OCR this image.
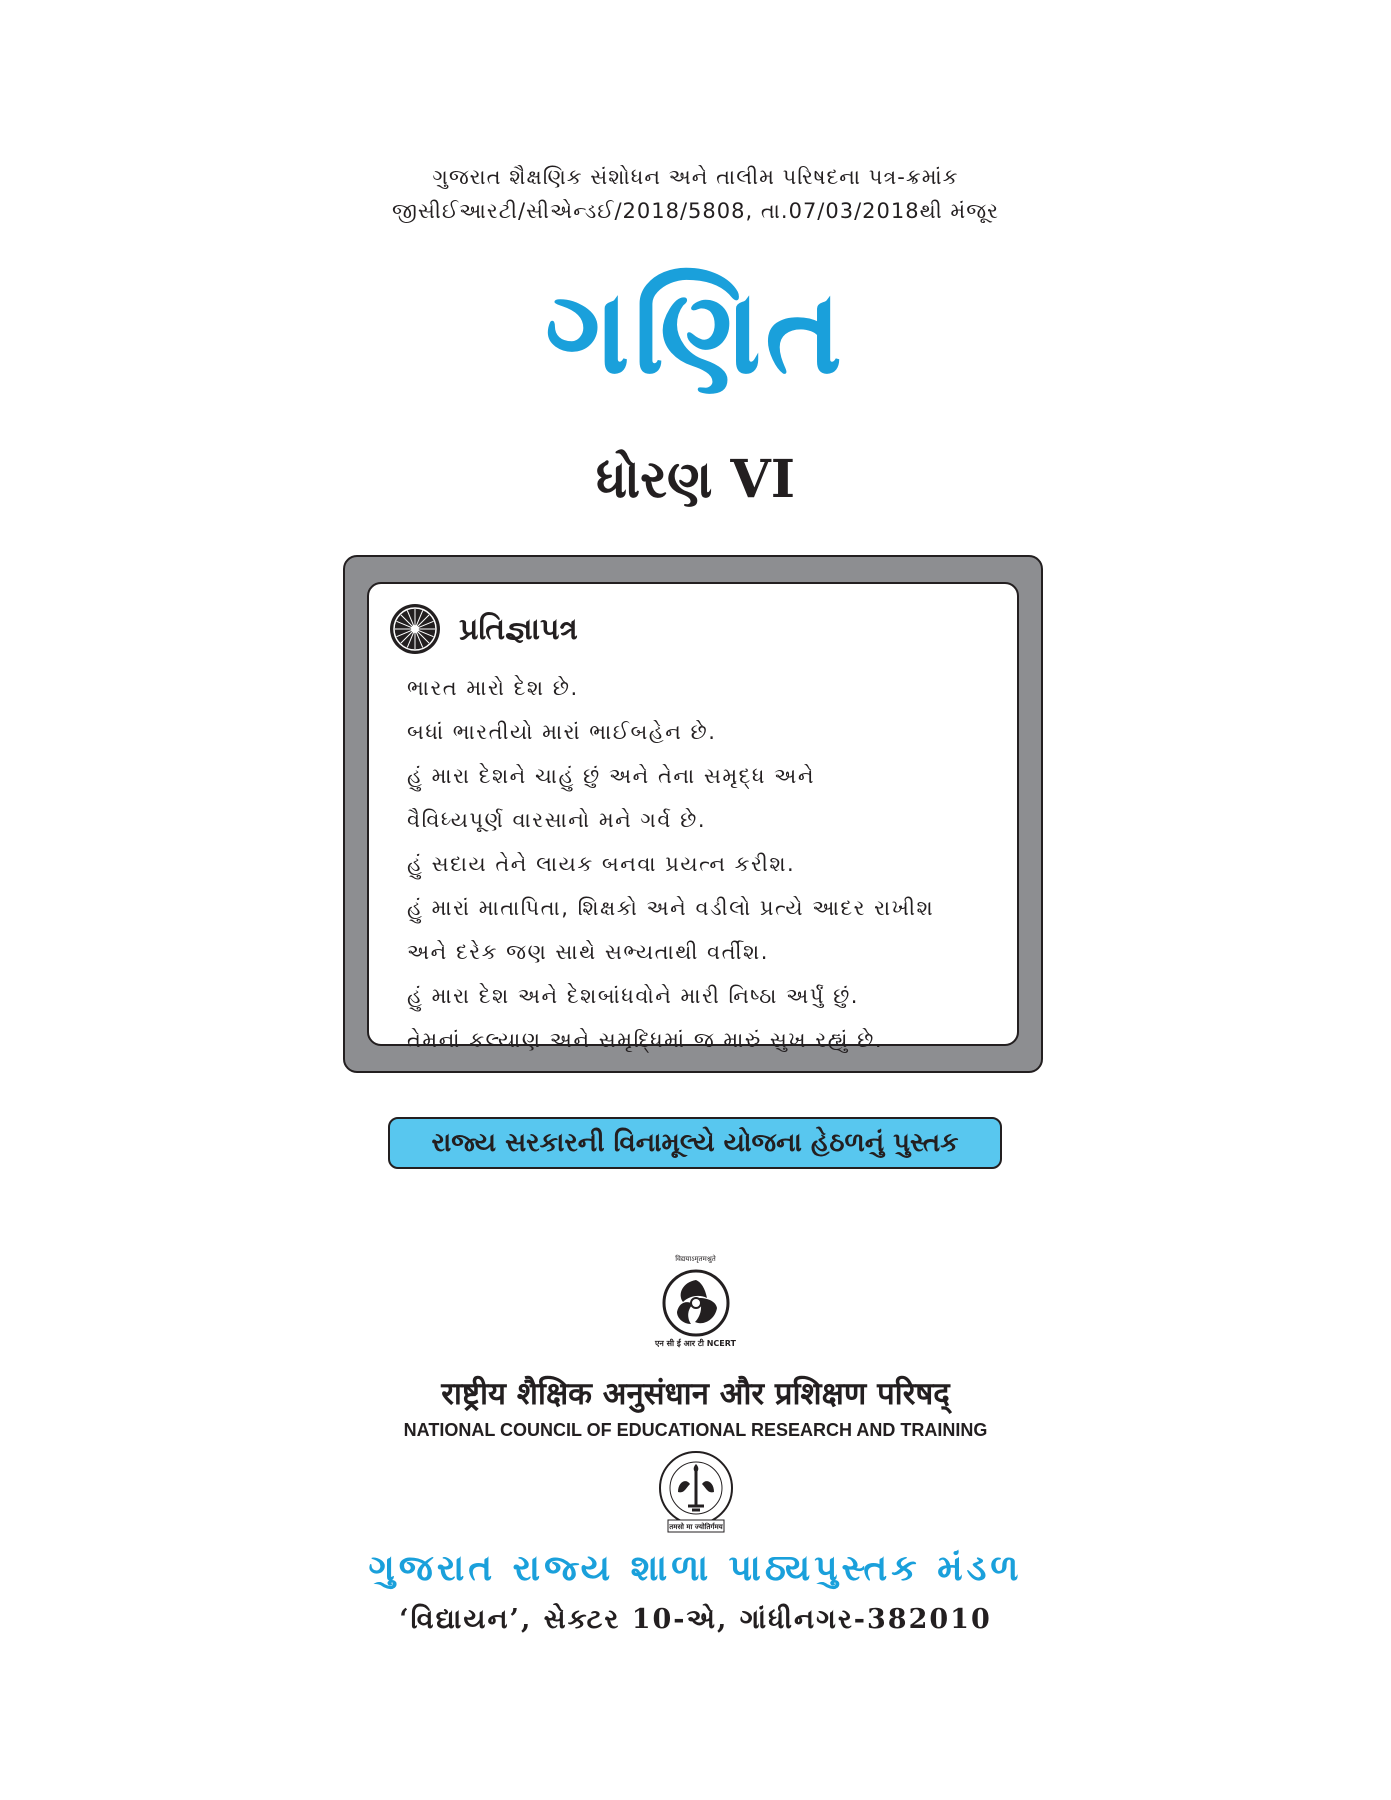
ગુજરાત શૈક્ષણિક સંશોધન અને તાલીમ પરિષદના પત્ર-ક્રમાંક
જીસીઈઆરટી/સીએન્ડઈ/2018/5808, તા.07/03/2018થી મંજૂર
ગણિત
ધોરણ VI
પ્રતિજ્ઞાપત્ર
ભારત મારો દેશ છે.
બધાં ભારતીયો મારાં ભાઈબહેન છે.
હું મારા દેશને ચાહું છું અને તેના સમૃદ્ધ અને
વૈવિધ્યપૂર્ણ વારસાનો મને ગર્વ છે.
હું સદાય તેને લાયક બનવા પ્રયત્ન કરીશ.
હું મારાં માતાપિતા, શિક્ષકો અને વડીલો પ્રત્યે આદર રાખીશ
અને દરેક જણ સાથે સભ્યતાથી વર્તીશ.
હું મારા દેશ અને દેશબાંધવોને મારી નિષ્ઠા અર્પું છું.
તેમનાં કલ્યાણ અને સમૃદ્ધિમાં જ મારું સુખ રહ્યું છે.
રાજ્ય સરકારની વિનામૂલ્યે યોજના હેઠળનું પુસ્તક
विद्ययाऽमृतमश्नुते
एन सी ई आर टी NCERT
राष्ट्रीय शैक्षिक अनुसंधान और प्रशिक्षण परिषद्
NATIONAL COUNCIL OF EDUCATIONAL RESEARCH AND TRAINING
तमसो मा ज्योतिर्गमय
ગુજરાત રાજ્ય શાળા પાઠ્યપુસ્તક મંડળ
‘વિદ્યાયન’, સેક્ટર 10-એ, ગાંધીનગર-382010
